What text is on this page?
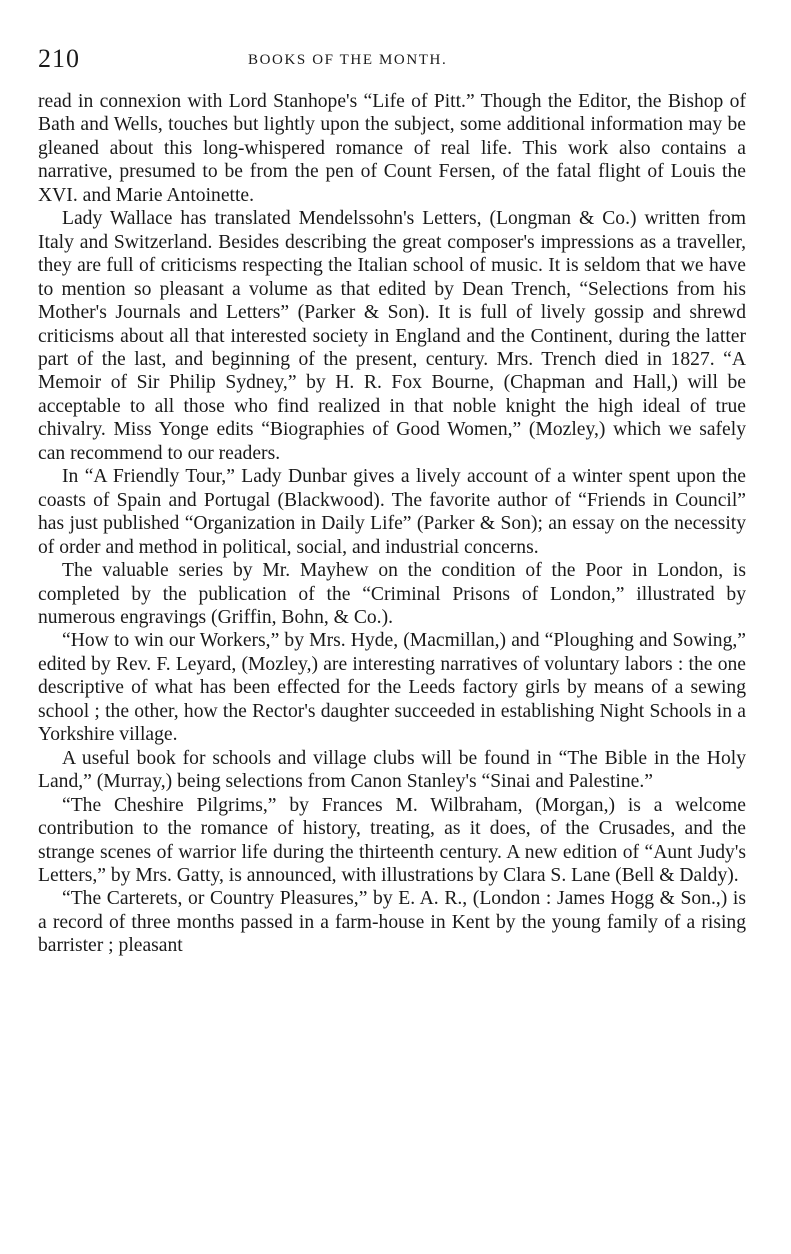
210	BOOKS OF THE MONTH.

read in connexion with Lord Stanhope's “Life of Pitt.” Though the Editor, the Bishop of Bath and Wells, touches but lightly upon the subject, some additional information may be gleaned about this long-whispered romance of real life. This work also contains a narrative, presumed to be from the pen of Count Fersen, of the fatal flight of Louis the XVI. and Marie Antoinette.

Lady Wallace has translated Mendelssohn's Letters, (Longman & Co.) written from Italy and Switzerland. Besides describing the great composer's impressions as a traveller, they are full of criticisms respecting the Italian school of music. It is seldom that we have to mention so pleasant a volume as that edited by Dean Trench, “Selections from his Mother's Journals and Letters” (Parker & Son). It is full of lively gossip and shrewd criticisms about all that interested society in England and the Continent, during the latter part of the last, and beginning of the present, century. Mrs. Trench died in 1827. “A Memoir of Sir Philip Sydney,” by H. R. Fox Bourne, (Chapman and Hall,) will be acceptable to all those who find realized in that noble knight the high ideal of true chivalry. Miss Yonge edits “Biographies of Good Women,” (Mozley,) which we safely can recommend to our readers.

In “A Friendly Tour,” Lady Dunbar gives a lively account of a winter spent upon the coasts of Spain and Portugal (Blackwood). The favorite author of “Friends in Council” has just published “Organization in Daily Life” (Parker & Son); an essay on the necessity of order and method in political, social, and industrial concerns.

The valuable series by Mr. Mayhew on the condition of the Poor in London, is completed by the publication of the “Criminal Prisons of London,” illustrated by numerous engravings (Griffin, Bohn, & Co.).

“How to win our Workers,” by Mrs. Hyde, (Macmillan,) and “Ploughing and Sowing,” edited by Rev. F. Leyard, (Mozley,) are interesting narratives of voluntary labors : the one descriptive of what has been effected for the Leeds factory girls by means of a sewing school ; the other, how the Rector's daughter succeeded in establishing Night Schools in a Yorkshire village.

A useful book for schools and village clubs will be found in “The Bible in the Holy Land,” (Murray,) being selections from Canon Stanley's “Sinai and Palestine.”

“The Cheshire Pilgrims,” by Frances M. Wilbraham, (Morgan,) is a welcome contribution to the romance of history, treating, as it does, of the Crusades, and the strange scenes of warrior life during the thirteenth century. A new edition of “Aunt Judy's Letters,” by Mrs. Gatty, is announced, with illustrations by Clara S. Lane (Bell & Daldy).

“The Carterets, or Country Pleasures,” by E. A. R., (London : James Hogg & Son.,) is a record of three months passed in a farm-house in Kent by the young family of a rising barrister ; pleasant
